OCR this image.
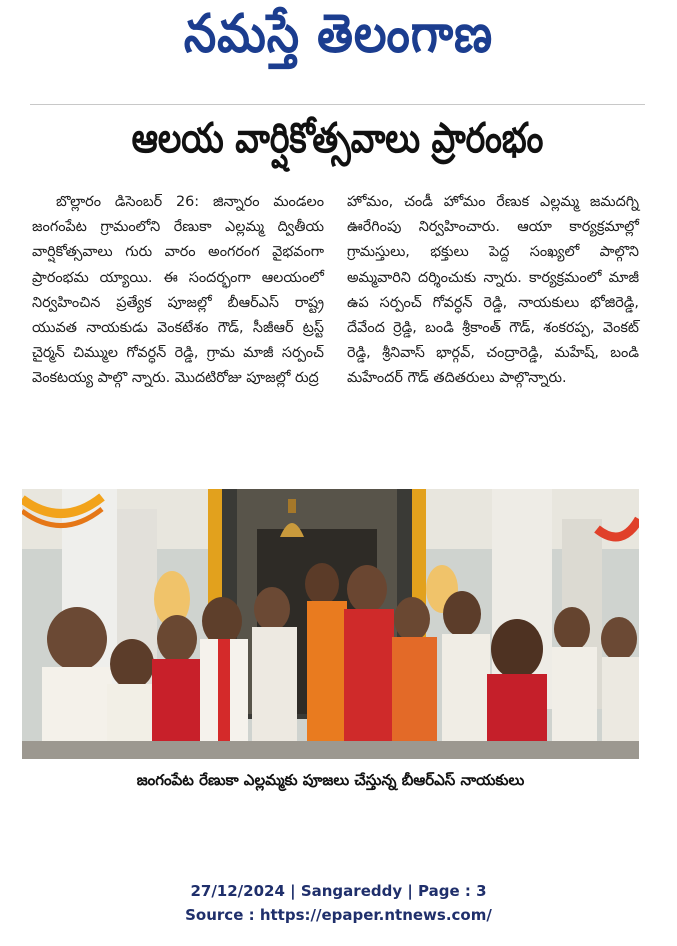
నమస్తే తెలంగాణ
ఆలయ వార్షికోత్సవాలు ప్రారంభం

బొల్లారం డిసెంబర్ 26: జిన్నారం మండలం జంగంపేట గ్రామంలోని రేణుకా ఎల్లమ్మ ద్వితీయ వార్షికోత్సవాలు గురు వారం అంగరంగ వైభవంగా ప్రారంభమ య్యాయి. ఈ సందర్భంగా ఆలయంలో నిర్వహించిన ప్రత్యేక పూజల్లో బీఆర్ఎస్ రాష్ట్ర యువత నాయకుడు వెంకటేశం గౌడ్, సీజీఆర్ ట్రస్ట్ చైర్మన్ చిమ్ముల గోవర్ధన్ రెడ్డి, గ్రామ మాజీ సర్పంచ్ వెంకటయ్య పాల్గొ న్నారు. మొదటిరోజు పూజల్లో రుద్ర

హోమం, చండీ హోమం రేణుక ఎల్లమ్మ జమదగ్ని ఊరేగింపు నిర్వహించారు. ఆయా కార్యక్రమాల్లో గ్రామస్తులు, భక్తులు పెద్ద సంఖ్యలో పాల్గొని అమ్మవారిని దర్శించుకు న్నారు. కార్యక్రమంలో మాజీ ఉప సర్పంచ్ గోవర్ధన్ రెడ్డి, నాయకులు భోజిరెడ్డి, దేవేంద ర్రెడ్డి, బండి శ్రీకాంత్ గౌడ్, శంకరప్ప, వెంకట్ రెడ్డి, శ్రీనివాస్ భార్గవ్, చంద్రారెడ్డి, మహేష్, బండి మహేందర్ గౌడ్ తదితరులు పాల్గొన్నారు.

జంగంపేట రేణుకా ఎల్లమ్మకు పూజలు చేస్తున్న బీఆర్ఎస్ నాయకులు
27/12/2024 | Sangareddy | Page : 3
Source : https://epaper.ntnews.com/
